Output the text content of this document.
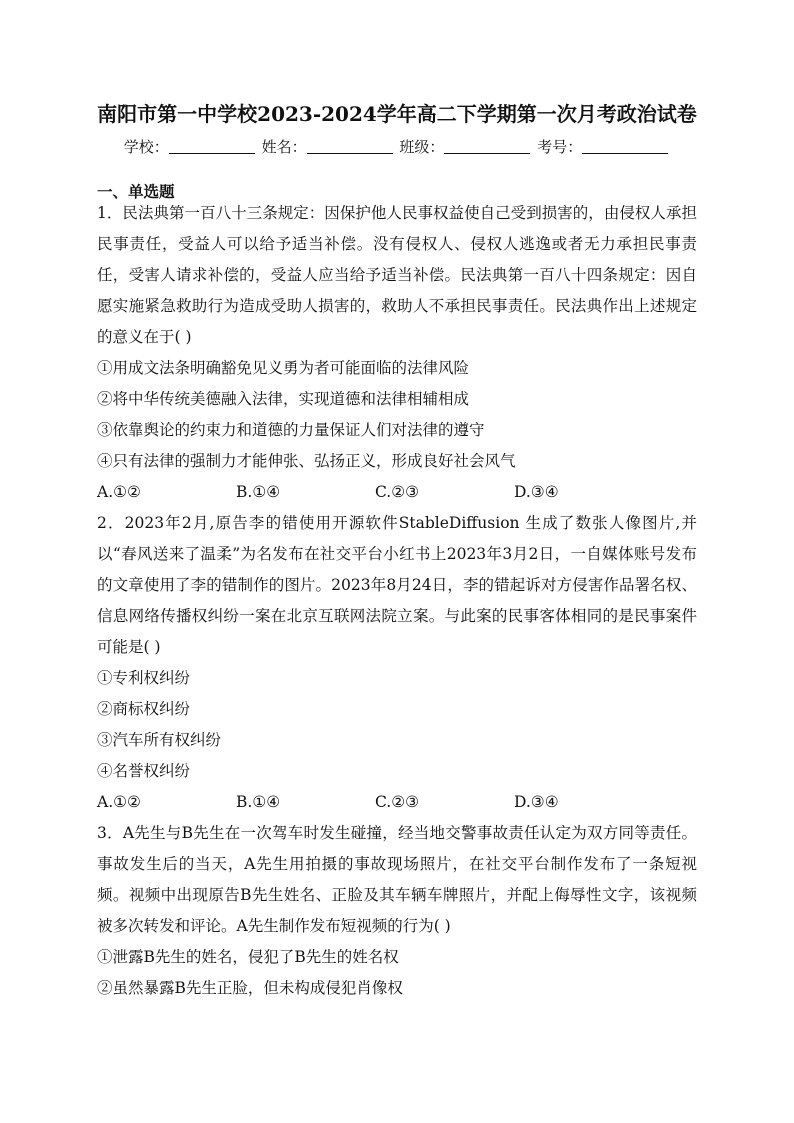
南阳市第一中学校2023-2024学年高二下学期第一次月考政治试卷
学校：	姓名：	班级：	考号：
一、单选题
1．民法典第一百八十三条规定：因保护他人民事权益使自己受到损害的，由侵权人承担民事责任，受益人可以给予适当补偿。没有侵权人、侵权人逃逸或者无力承担民事责任，受害人请求补偿的，受益人应当给予适当补偿。民法典第一百八十四条规定：因自愿实施紧急救助行为造成受助人损害的，救助人不承担民事责任。民法典作出上述规定的意义在于( )
①用成文法条明确豁免见义勇为者可能面临的法律风险
②将中华传统美德融入法律，实现道德和法律相辅相成
③依靠舆论的约束力和道德的力量保证人们对法律的遵守
④只有法律的强制力才能伸张、弘扬正义，形成良好社会风气
A.①②	B.①④	C.②③	D.③④
2．2023年2月,原告李的错使用开源软件StableDiffusion 生成了数张人像图片,并以“春风送来了温柔”为名发布在社交平台小红书上2023年3月2日，一自媒体账号发布的文章使用了李的错制作的图片。2023年8月24日，李的错起诉对方侵害作品署名权、信息网络传播权纠纷一案在北京互联网法院立案。与此案的民事客体相同的是民事案件可能是( )
①专利权纠纷
②商标权纠纷
③汽车所有权纠纷
④名誉权纠纷
A.①②	B.①④	C.②③	D.③④
3．A先生与B先生在一次驾车时发生碰撞，经当地交警事故责任认定为双方同等责任。事故发生后的当天，A先生用拍摄的事故现场照片，在社交平台制作发布了一条短视频。视频中出现原告B先生姓名、正脸及其车辆车牌照片，并配上侮辱性文字，该视频被多次转发和评论。A先生制作发布短视频的行为( )
①泄露B先生的姓名，侵犯了B先生的姓名权
②虽然暴露B先生正脸，但未构成侵犯肖像权
